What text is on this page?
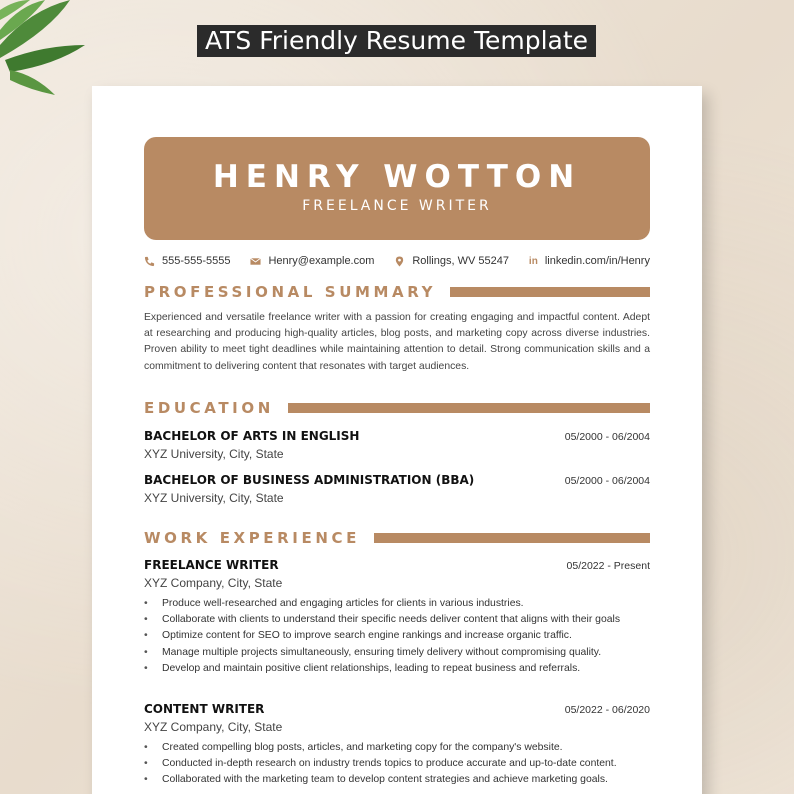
ATS Friendly Resume Template
HENRY WOTTON
FREELANCE WRITER
555-555-5555	Henry@example.com	Rollings, WV 55247 in linkedin.com/in/Henry
PROFESSIONAL SUMMARY
Experienced and versatile freelance writer with a passion for creating engaging and impactful content. Adept at researching and producing high-quality articles, blog posts, and marketing copy across diverse industries. Proven ability to meet tight deadlines while maintaining attention to detail. Strong communication skills and a commitment to delivering content that resonates with target audiences.
EDUCATION
BACHELOR OF ARTS IN ENGLISH	05/2000 - 06/2004
XYZ University, City, State
BACHELOR OF BUSINESS ADMINISTRATION (BBA)	05/2000 - 06/2004
XYZ University, City, State
WORK EXPERIENCE
FREELANCE WRITER	05/2022 - Present
XYZ Company, City, State
• Produce well-researched and engaging articles for clients in various industries.
• Collaborate with clients to understand their specific needs deliver content that aligns with their goals
• Optimize content for SEO to improve search engine rankings and increase organic traffic.
• Manage multiple projects simultaneously, ensuring timely delivery without compromising quality.
• Develop and maintain positive client relationships, leading to repeat business and referrals.
CONTENT WRITER	05/2022 - 06/2020
XYZ Company, City, State
• Created compelling blog posts, articles, and marketing copy for the company's website.
• Conducted in-depth research on industry trends topics to produce accurate and up-to-date content.
• Collaborated with the marketing team to develop content strategies and achieve marketing goals.
